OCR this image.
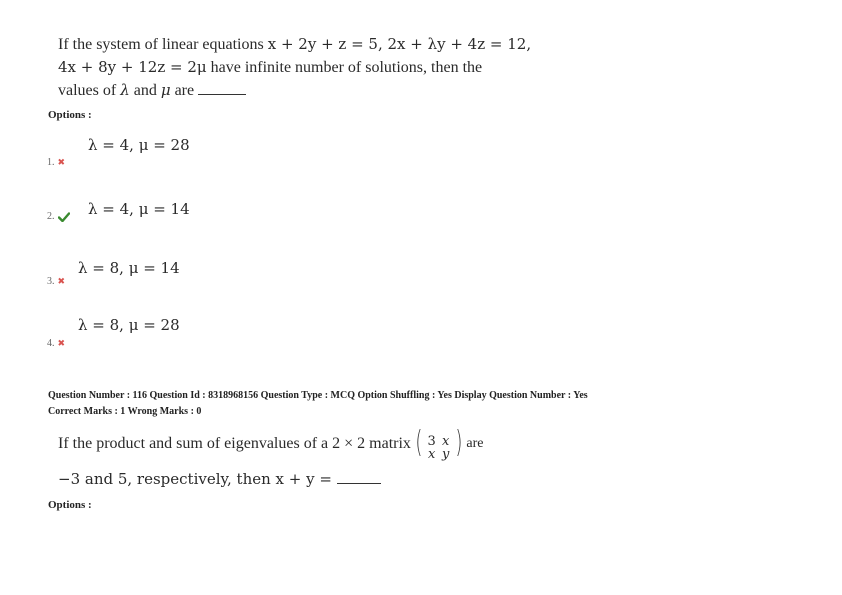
If the system of linear equations x + 2y + z = 5, 2x + λy + 4z = 12,
4x + 8y + 12z = 2μ have infinite number of solutions, then the
values of λ and μ are
Options :
λ = 4, μ = 28
1. ✖
λ = 4, μ = 14
2.
λ = 8, μ = 14
3. ✖
λ = 8, μ = 28
4. ✖
Question Number : 116 Question Id : 8318968156 Question Type : MCQ Option Shuffling : Yes Display Question Number : Yes
Correct Marks : 1 Wrong Marks : 0
If the product and sum of eigenvalues of a 2 × 2 matrix ( 3 x
x y ) are
−3 and 5, respectively, then x + y =
Options :
